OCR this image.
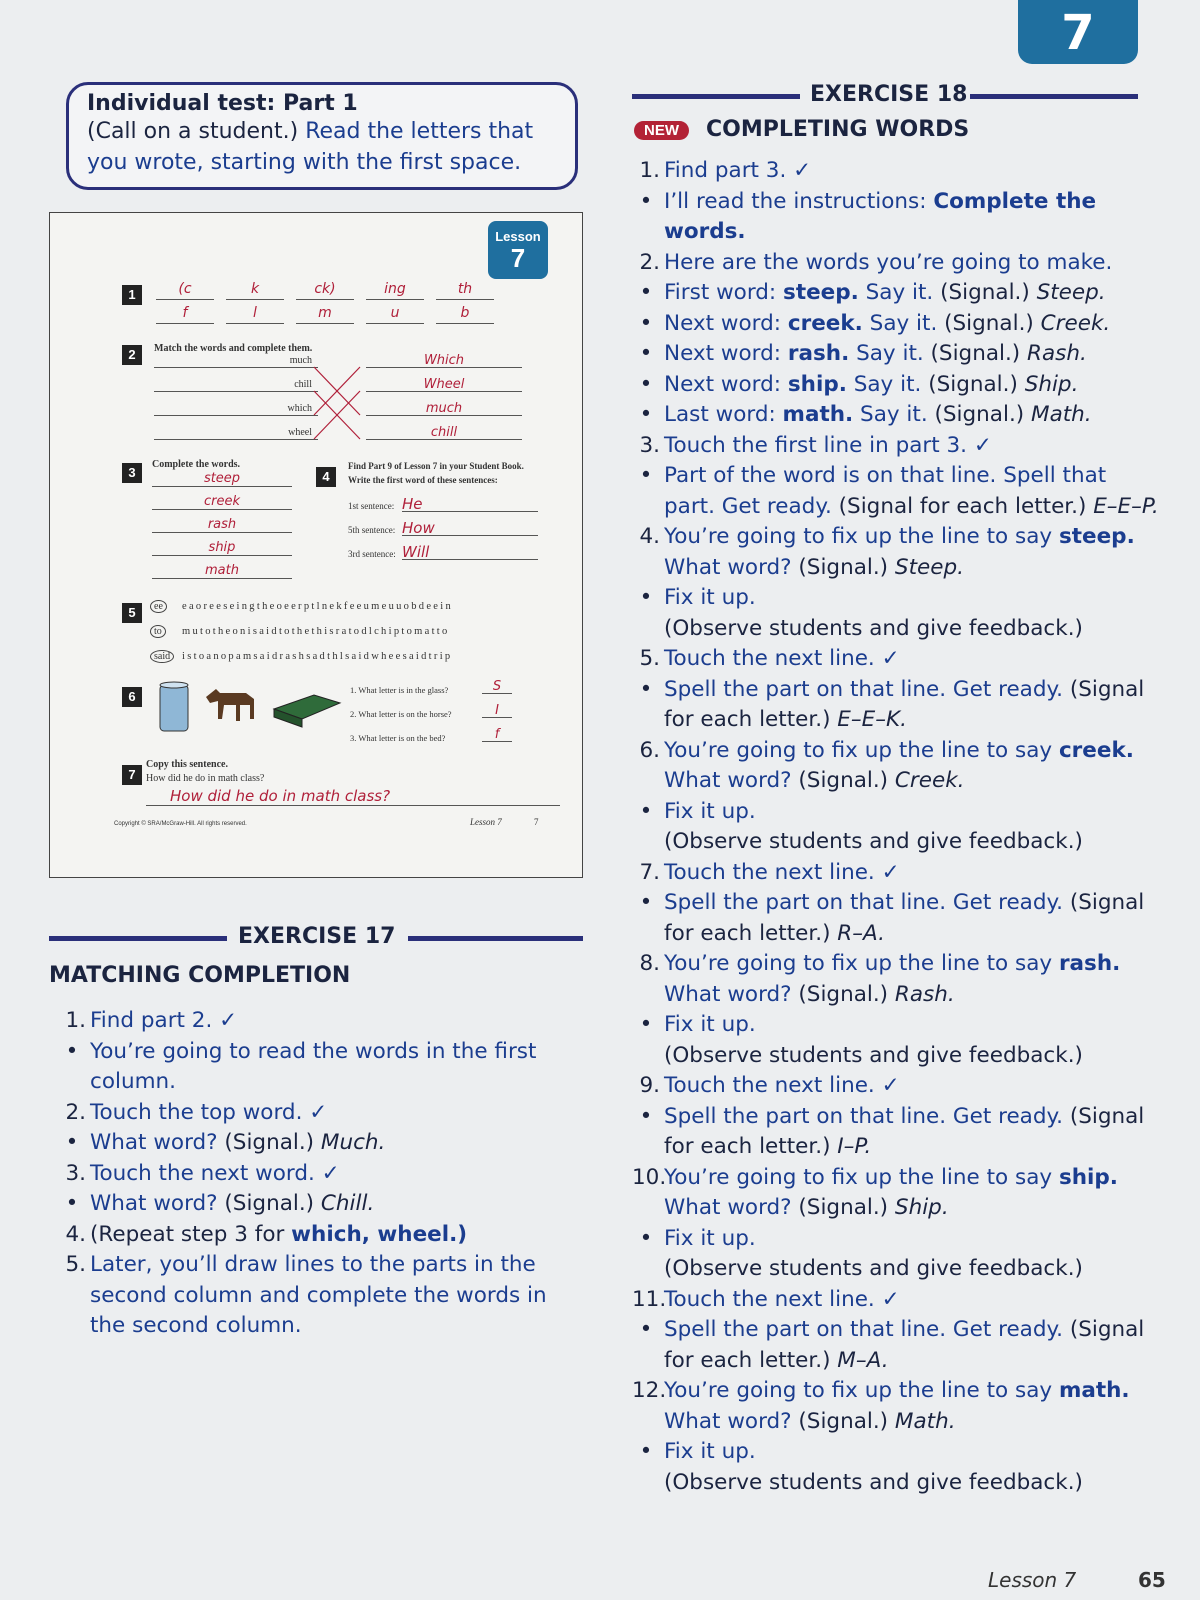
7
Individual test: Part 1
(Call on a student.) Read the letters that
you wrote, starting with the first space.
Lesson
7
1	(c	k	ck)	ing	th
f	l	m	u	b
2	Match the words and complete them.
much
chill
which
wheel
Which
Wheel
much
chill
3
Complete the words.
steep
creek
rash
ship
math
4
Find Part 9 of Lesson 7 in your Student Book.
Write the first word of these sentences:
1st sentence: He
5th sentence: How
3rd sentence: Will
5	ee	eaoreeseingtheoeerptlnekfeeumeuuobdeein
to	mutotheonisaidtothethisratodlchiptomatto
said	istoanopamsaidrashsadthlsaidwheesaidtrip
6	1. What letter is in the glass?	S
2. What letter is on the horse?	I
3. What letter is on the bed?	f
7
Copy this sentence.
How did he do in math class?
How did he do in math class?
Copyright © SRA/McGraw-Hill. All rights reserved.	Lesson 7	7
EXERCISE 17
MATCHING COMPLETION
1. Find part 2. ✓
• You’re going to read the words in the first column.
2. Touch the top word. ✓
• What word? (Signal.) Much.
3. Touch the next word. ✓
• What word? (Signal.) Chill.
4. (Repeat step 3 for which, wheel.)
5. Later, you’ll draw lines to the parts in the second column and complete the words in the second column.
EXERCISE 18
NEW	COMPLETING WORDS
1. Find part 3. ✓
• I’ll read the instructions: Complete the words.
2. Here are the words you’re going to make.
• First word: steep. Say it. (Signal.) Steep.
• Next word: creek. Say it. (Signal.) Creek.
• Next word: rash. Say it. (Signal.) Rash.
• Next word: ship. Say it. (Signal.) Ship.
• Last word: math. Say it. (Signal.) Math.
3. Touch the first line in part 3. ✓
• Part of the word is on that line. Spell that part. Get ready. (Signal for each letter.) E–E–P.
4. You’re going to fix up the line to say steep. What word? (Signal.) Steep.
• Fix it up.
(Observe students and give feedback.)
5. Touch the next line. ✓
• Spell the part on that line. Get ready. (Signal for each letter.) E–E–K.
6. You’re going to fix up the line to say creek. What word? (Signal.) Creek.
• Fix it up.
(Observe students and give feedback.)
7. Touch the next line. ✓
• Spell the part on that line. Get ready. (Signal for each letter.) R–A.
8. You’re going to fix up the line to say rash. What word? (Signal.) Rash.
• Fix it up.
(Observe students and give feedback.)
9. Touch the next line. ✓
• Spell the part on that line. Get ready. (Signal for each letter.) I–P.
10.
You’re going to fix up the line to say ship. What word? (Signal.) Ship.
• Fix it up.
(Observe students and give feedback.)
11.
Touch the next line. ✓
• Spell the part on that line. Get ready. (Signal for each letter.) M–A.
12.
You’re going to fix up the line to say math. What word? (Signal.) Math.
• Fix it up.
(Observe students and give feedback.)
Lesson 7	65
